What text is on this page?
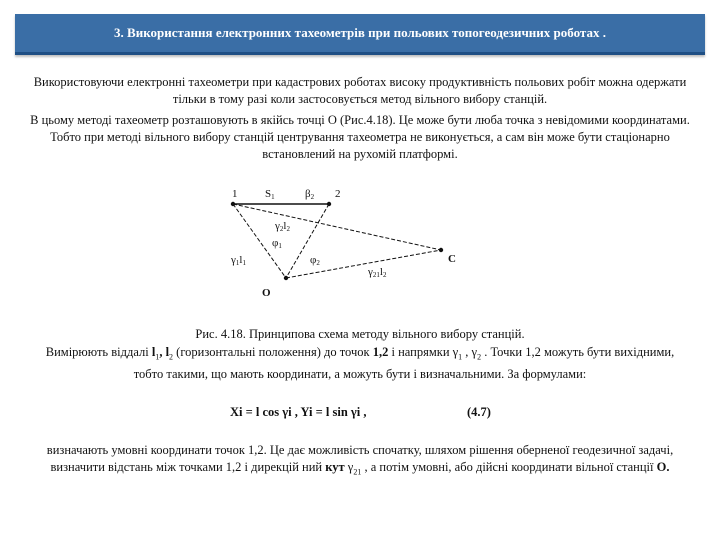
3. Використання електронних тахеометрів при польових топогеодезичних роботах .

Використовуючи електронні тахеометри при кадастрових роботах високу продуктивність польових робіт можна одержати тільки в тому разі коли застосовується метод вільного вибору станцій.

В цьому методі тахеометр розташовують в якійсь точці О (Рис.4.18). Це може бути люба точка з невідомими координатами. Тобто при методі вільного вибору станцій центрування тахеометра не виконується, а сам він може бути стаціонарно встановлений на рухомій платформі.

1	2
C
O
S1	β2
γ2l2
φ1
γ1l1	φ2
γ21l2

Рис. 4.18. Принципова схема методу вільного вибору станцій.

Вимірюють віддалі $l_1$, $l_2$ (горизонтальні положення) до точок 1,2 і напрямки $\gamma_1$ , $\gamma_2$ . Точки 1,2 можуть бути вихідними, тобто такими, що мають координати, а можуть бути і визначальними. За формулами:

Xi = l cos γi , Yi = l sin γi ,	(4.7)

визначають умовні координати точок 1,2. Це дає можливість спочатку, шляхом рішення оберненої геодезичної задачі, визначити відстань між точками 1,2 і дирекцій ний кут $\gamma_{21}$ , а потім умовні, або дійсні координати вільної станції О.
